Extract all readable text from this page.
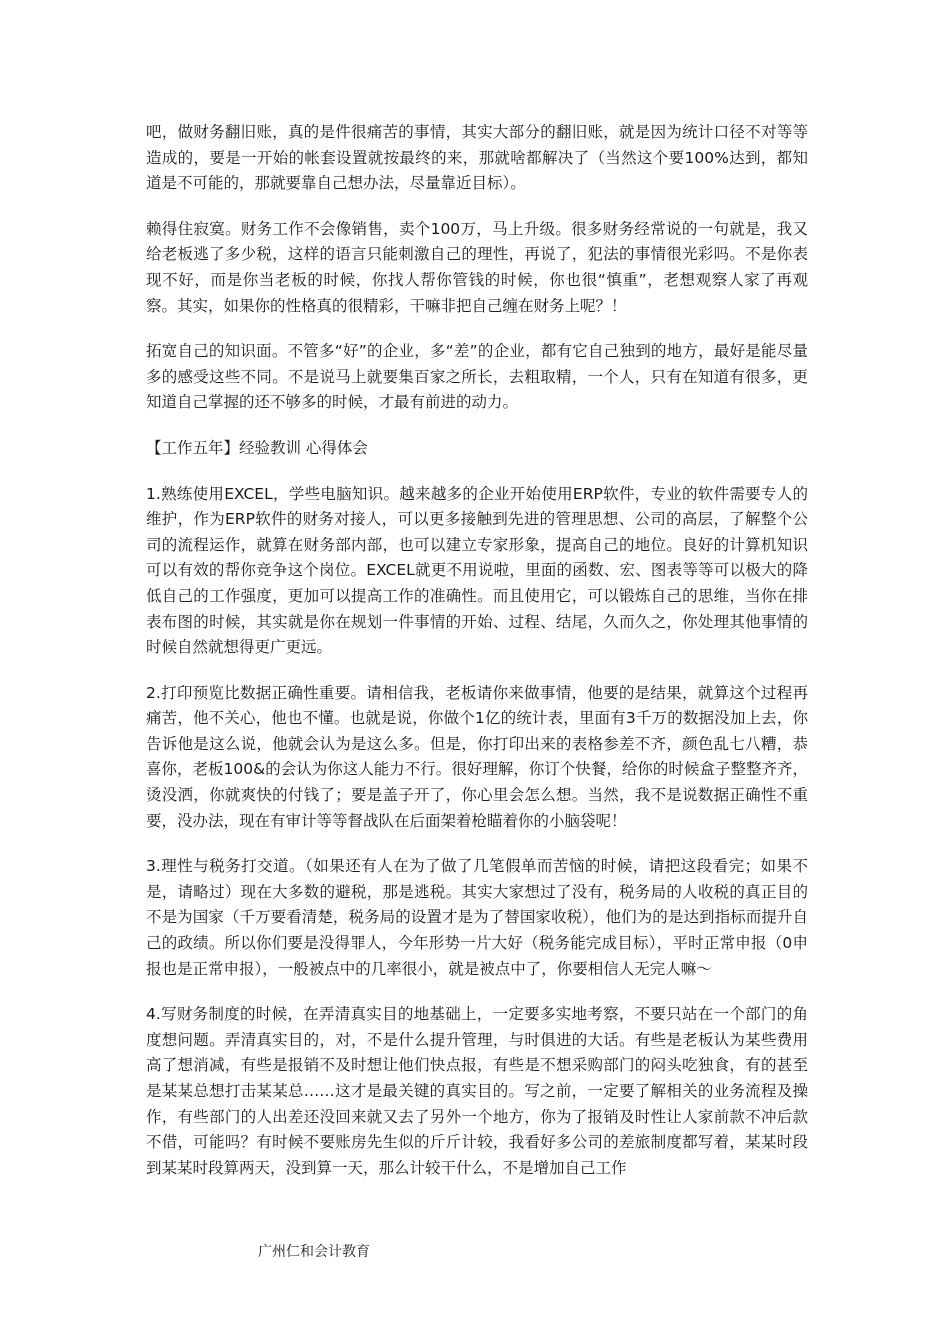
吧，做财务翻旧账，真的是件很痛苦的事情，其实大部分的翻旧账，就是因为统计口径不对等等造成的，要是一开始的帐套设置就按最终的来，那就啥都解决了（当然这个要100%达到，都知道是不可能的，那就要靠自己想办法，尽量靠近目标）。

赖得住寂寞。财务工作不会像销售，卖个100万，马上升级。很多财务经常说的一句就是，我又给老板逃了多少税，这样的语言只能刺激自己的理性，再说了，犯法的事情很光彩吗。不是你表现不好，而是你当老板的时候，你找人帮你管钱的时候，你也很“慎重”，老想观察人家了再观察。其实，如果你的性格真的很精彩，干嘛非把自己缠在财务上呢？！

拓宽自己的知识面。不管多“好”的企业，多“差”的企业，都有它自己独到的地方，最好是能尽量多的感受这些不同。不是说马上就要集百家之所长，去粗取精，一个人，只有在知道有很多，更知道自己掌握的还不够多的时候，才最有前进的动力。

【工作五年】经验教训 心得体会

1.熟练使用EXCEL，学些电脑知识。越来越多的企业开始使用ERP软件，专业的软件需要专人的维护，作为ERP软件的财务对接人，可以更多接触到先进的管理思想、公司的高层，了解整个公司的流程运作，就算在财务部内部，也可以建立专家形象，提高自己的地位。良好的计算机知识可以有效的帮你竞争这个岗位。EXCEL就更不用说啦，里面的函数、宏、图表等等可以极大的降低自己的工作强度，更加可以提高工作的准确性。而且使用它，可以锻炼自己的思维，当你在排表布图的时候，其实就是你在规划一件事情的开始、过程、结尾，久而久之，你处理其他事情的时候自然就想得更广更远。

2.打印预览比数据正确性重要。请相信我，老板请你来做事情，他要的是结果，就算这个过程再痛苦，他不关心，他也不懂。也就是说，你做个1亿的统计表，里面有3千万的数据没加上去，你告诉他是这么说，他就会认为是这么多。但是，你打印出来的表格参差不齐，颜色乱七八糟，恭喜你，老板100&的会认为你这人能力不行。很好理解，你订个快餐，给你的时候盒子整整齐齐，烫没洒，你就爽快的付钱了；要是盖子开了，你心里会怎么想。当然，我不是说数据正确性不重要，没办法，现在有审计等等督战队在后面架着枪瞄着你的小脑袋呢！

3.理性与税务打交道。（如果还有人在为了做了几笔假单而苦恼的时候，请把这段看完；如果不是，请略过）现在大多数的避税，那是逃税。其实大家想过了没有，税务局的人收税的真正目的不是为国家（千万要看清楚，税务局的设置才是为了替国家收税），他们为的是达到指标而提升自己的政绩。所以你们要是没得罪人，今年形势一片大好（税务能完成目标），平时正常申报（0申报也是正常申报），一般被点中的几率很小，就是被点中了，你要相信人无完人嘛～

4.写财务制度的时候，在弄清真实目的地基础上，一定要多实地考察，不要只站在一个部门的角度想问题。弄清真实目的，对，不是什么提升管理，与时俱进的大话。有些是老板认为某些费用高了想消减，有些是报销不及时想让他们快点报，有些是不想采购部门的闷头吃独食，有的甚至是某某总想打击某某总……这才是最关键的真实目的。写之前，一定要了解相关的业务流程及操作，有些部门的人出差还没回来就又去了另外一个地方，你为了报销及时性让人家前款不冲后款不借，可能吗？有时候不要账房先生似的斤斤计较，我看好多公司的差旅制度都写着，某某时段到某某时段算两天，没到算一天，那么计较干什么，不是增加自己工作

广州仁和会计教育
